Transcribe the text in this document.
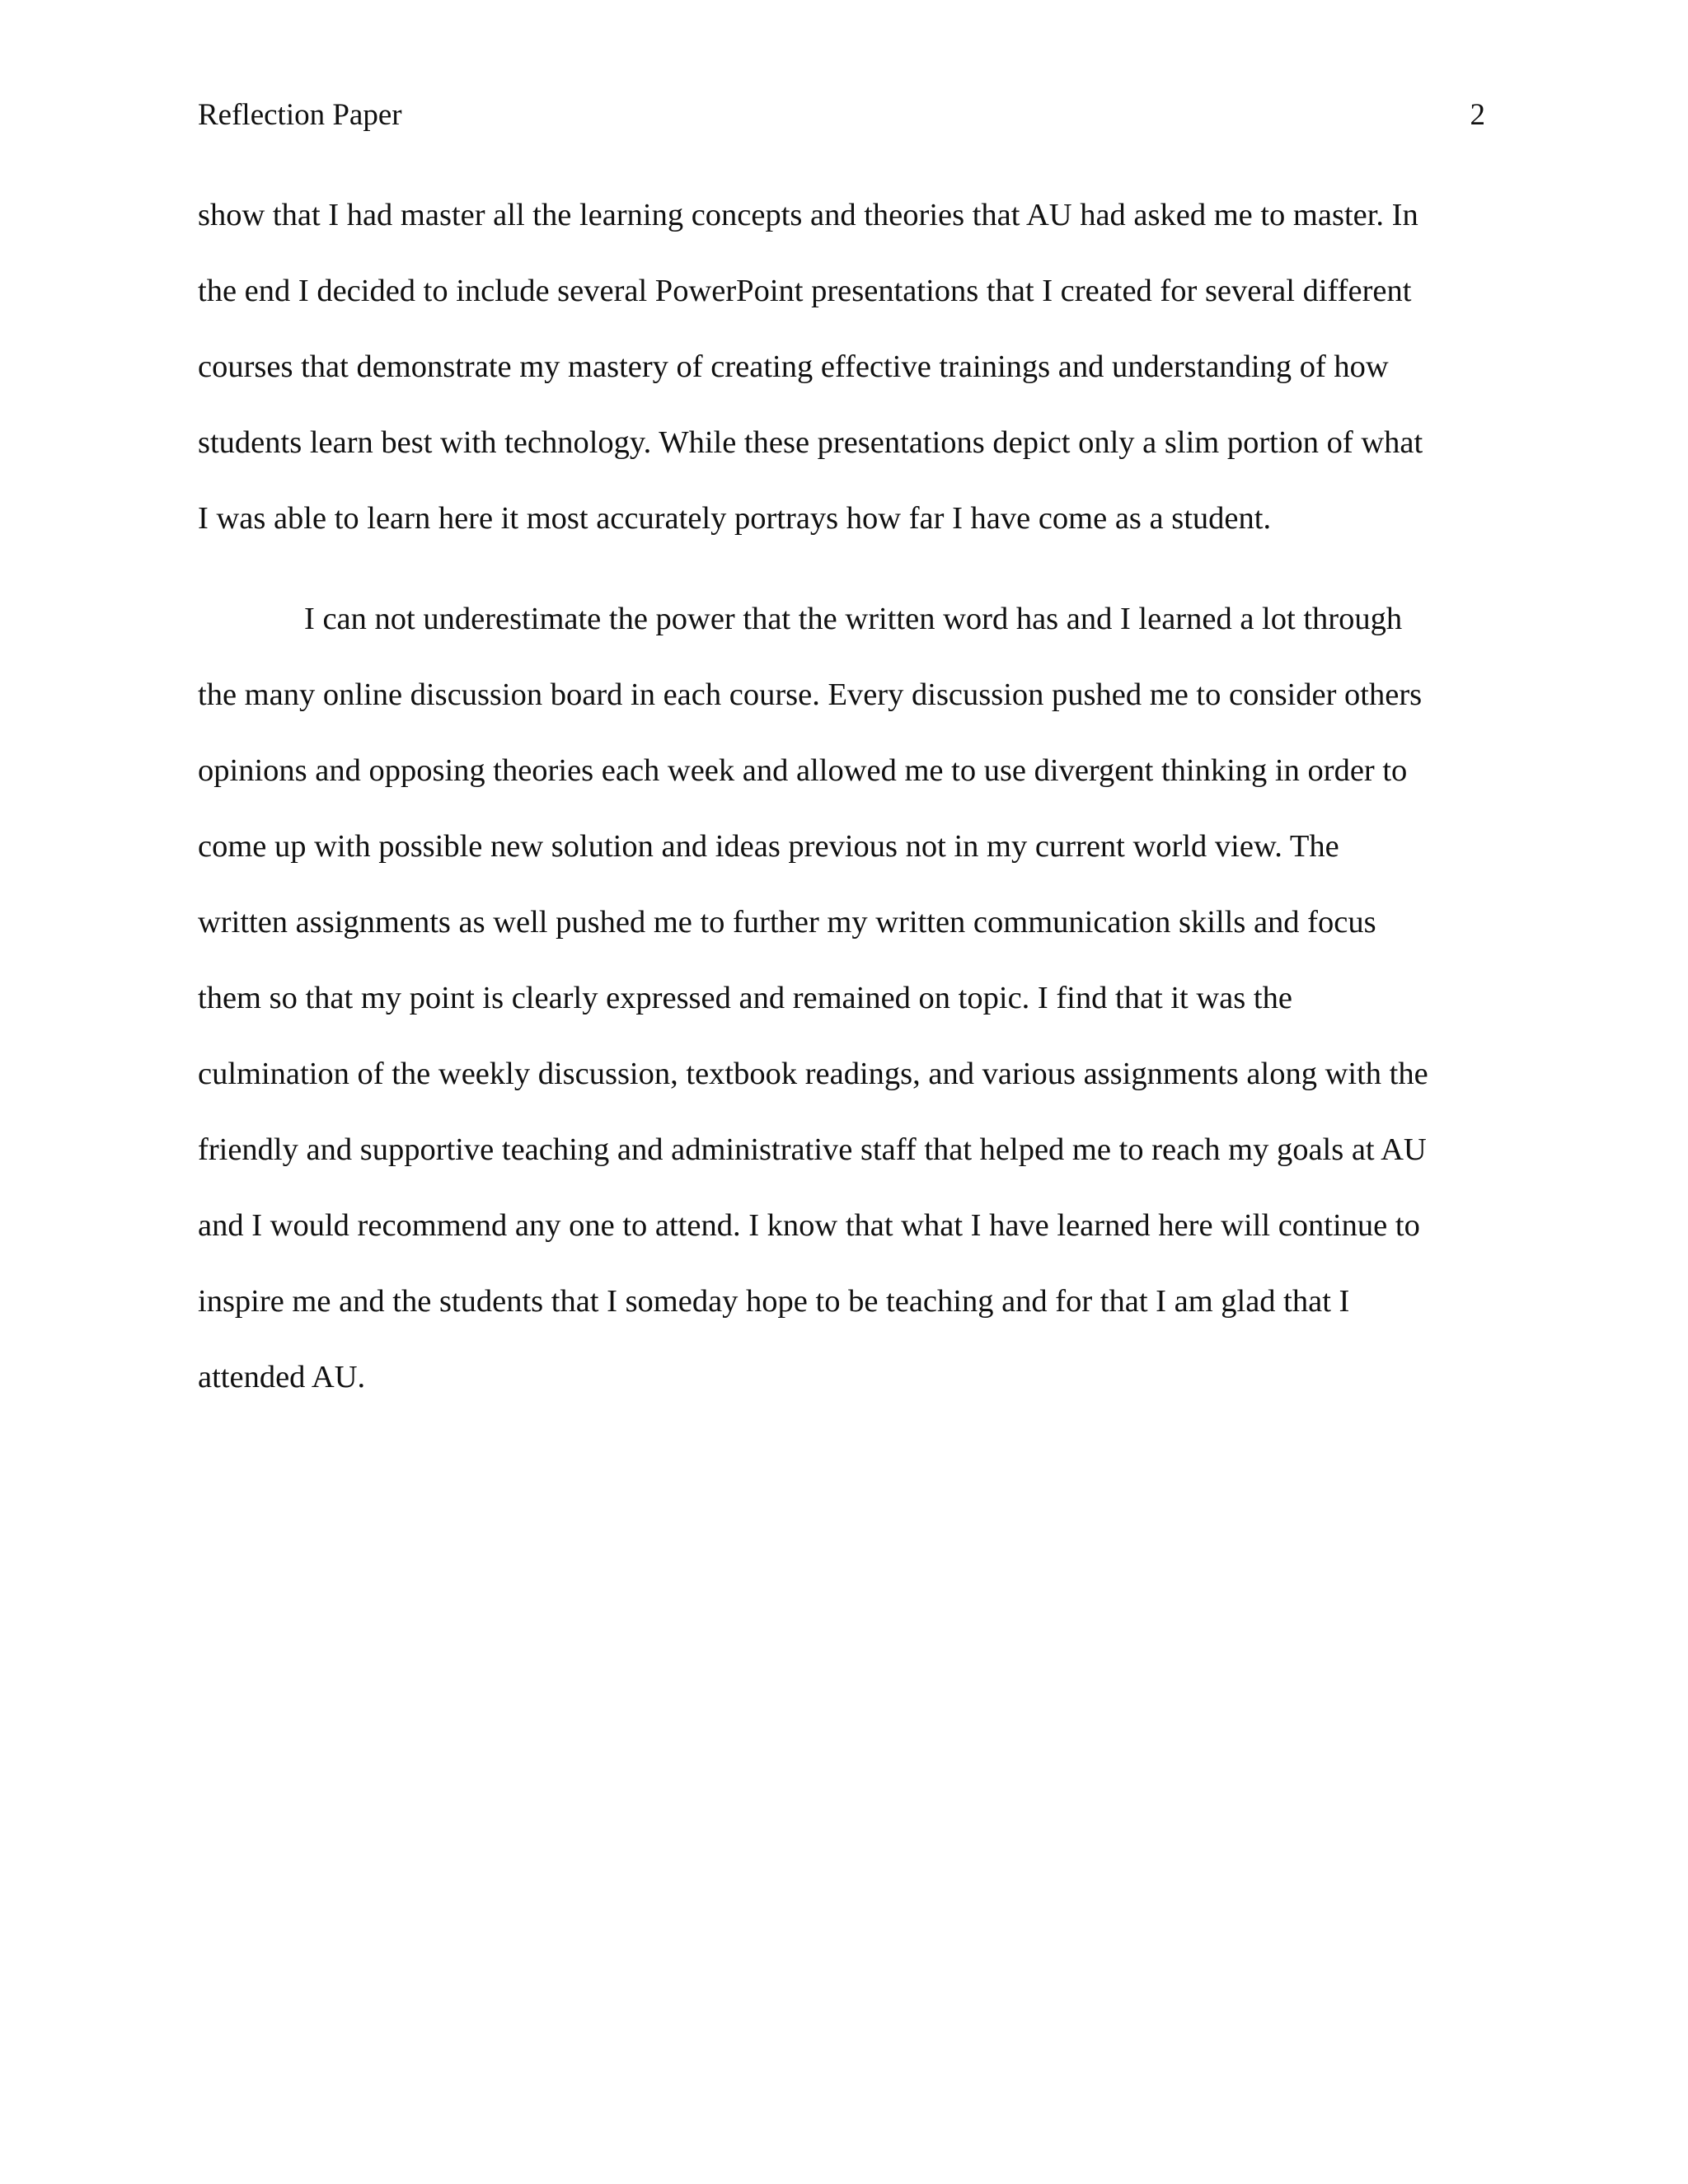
Reflection Paper	2
show that I had master all the learning concepts and theories that AU had asked me to master. In
the end I decided to include several PowerPoint presentations that I created for several different
courses that demonstrate my mastery of creating effective trainings and understanding of how
students learn best with technology. While these presentations depict only a slim portion of what
I was able to learn here it most accurately portrays how far I have come as a student.
I can not underestimate the power that the written word has and I learned a lot through
the many online discussion board in each course. Every discussion pushed me to consider others
opinions and opposing theories each week and allowed me to use divergent thinking in order to
come up with possible new solution and ideas previous not in my current world view. The
written assignments as well pushed me to further my written communication skills and focus
them so that my point is clearly expressed and remained on topic. I find that it was the
culmination of the weekly discussion, textbook readings, and various assignments along with the
friendly and supportive teaching and administrative staff that helped me to reach my goals at AU
and I would recommend any one to attend. I know that what I have learned here will continue to
inspire me and the students that I someday hope to be teaching and for that I am glad that I
attended AU.
